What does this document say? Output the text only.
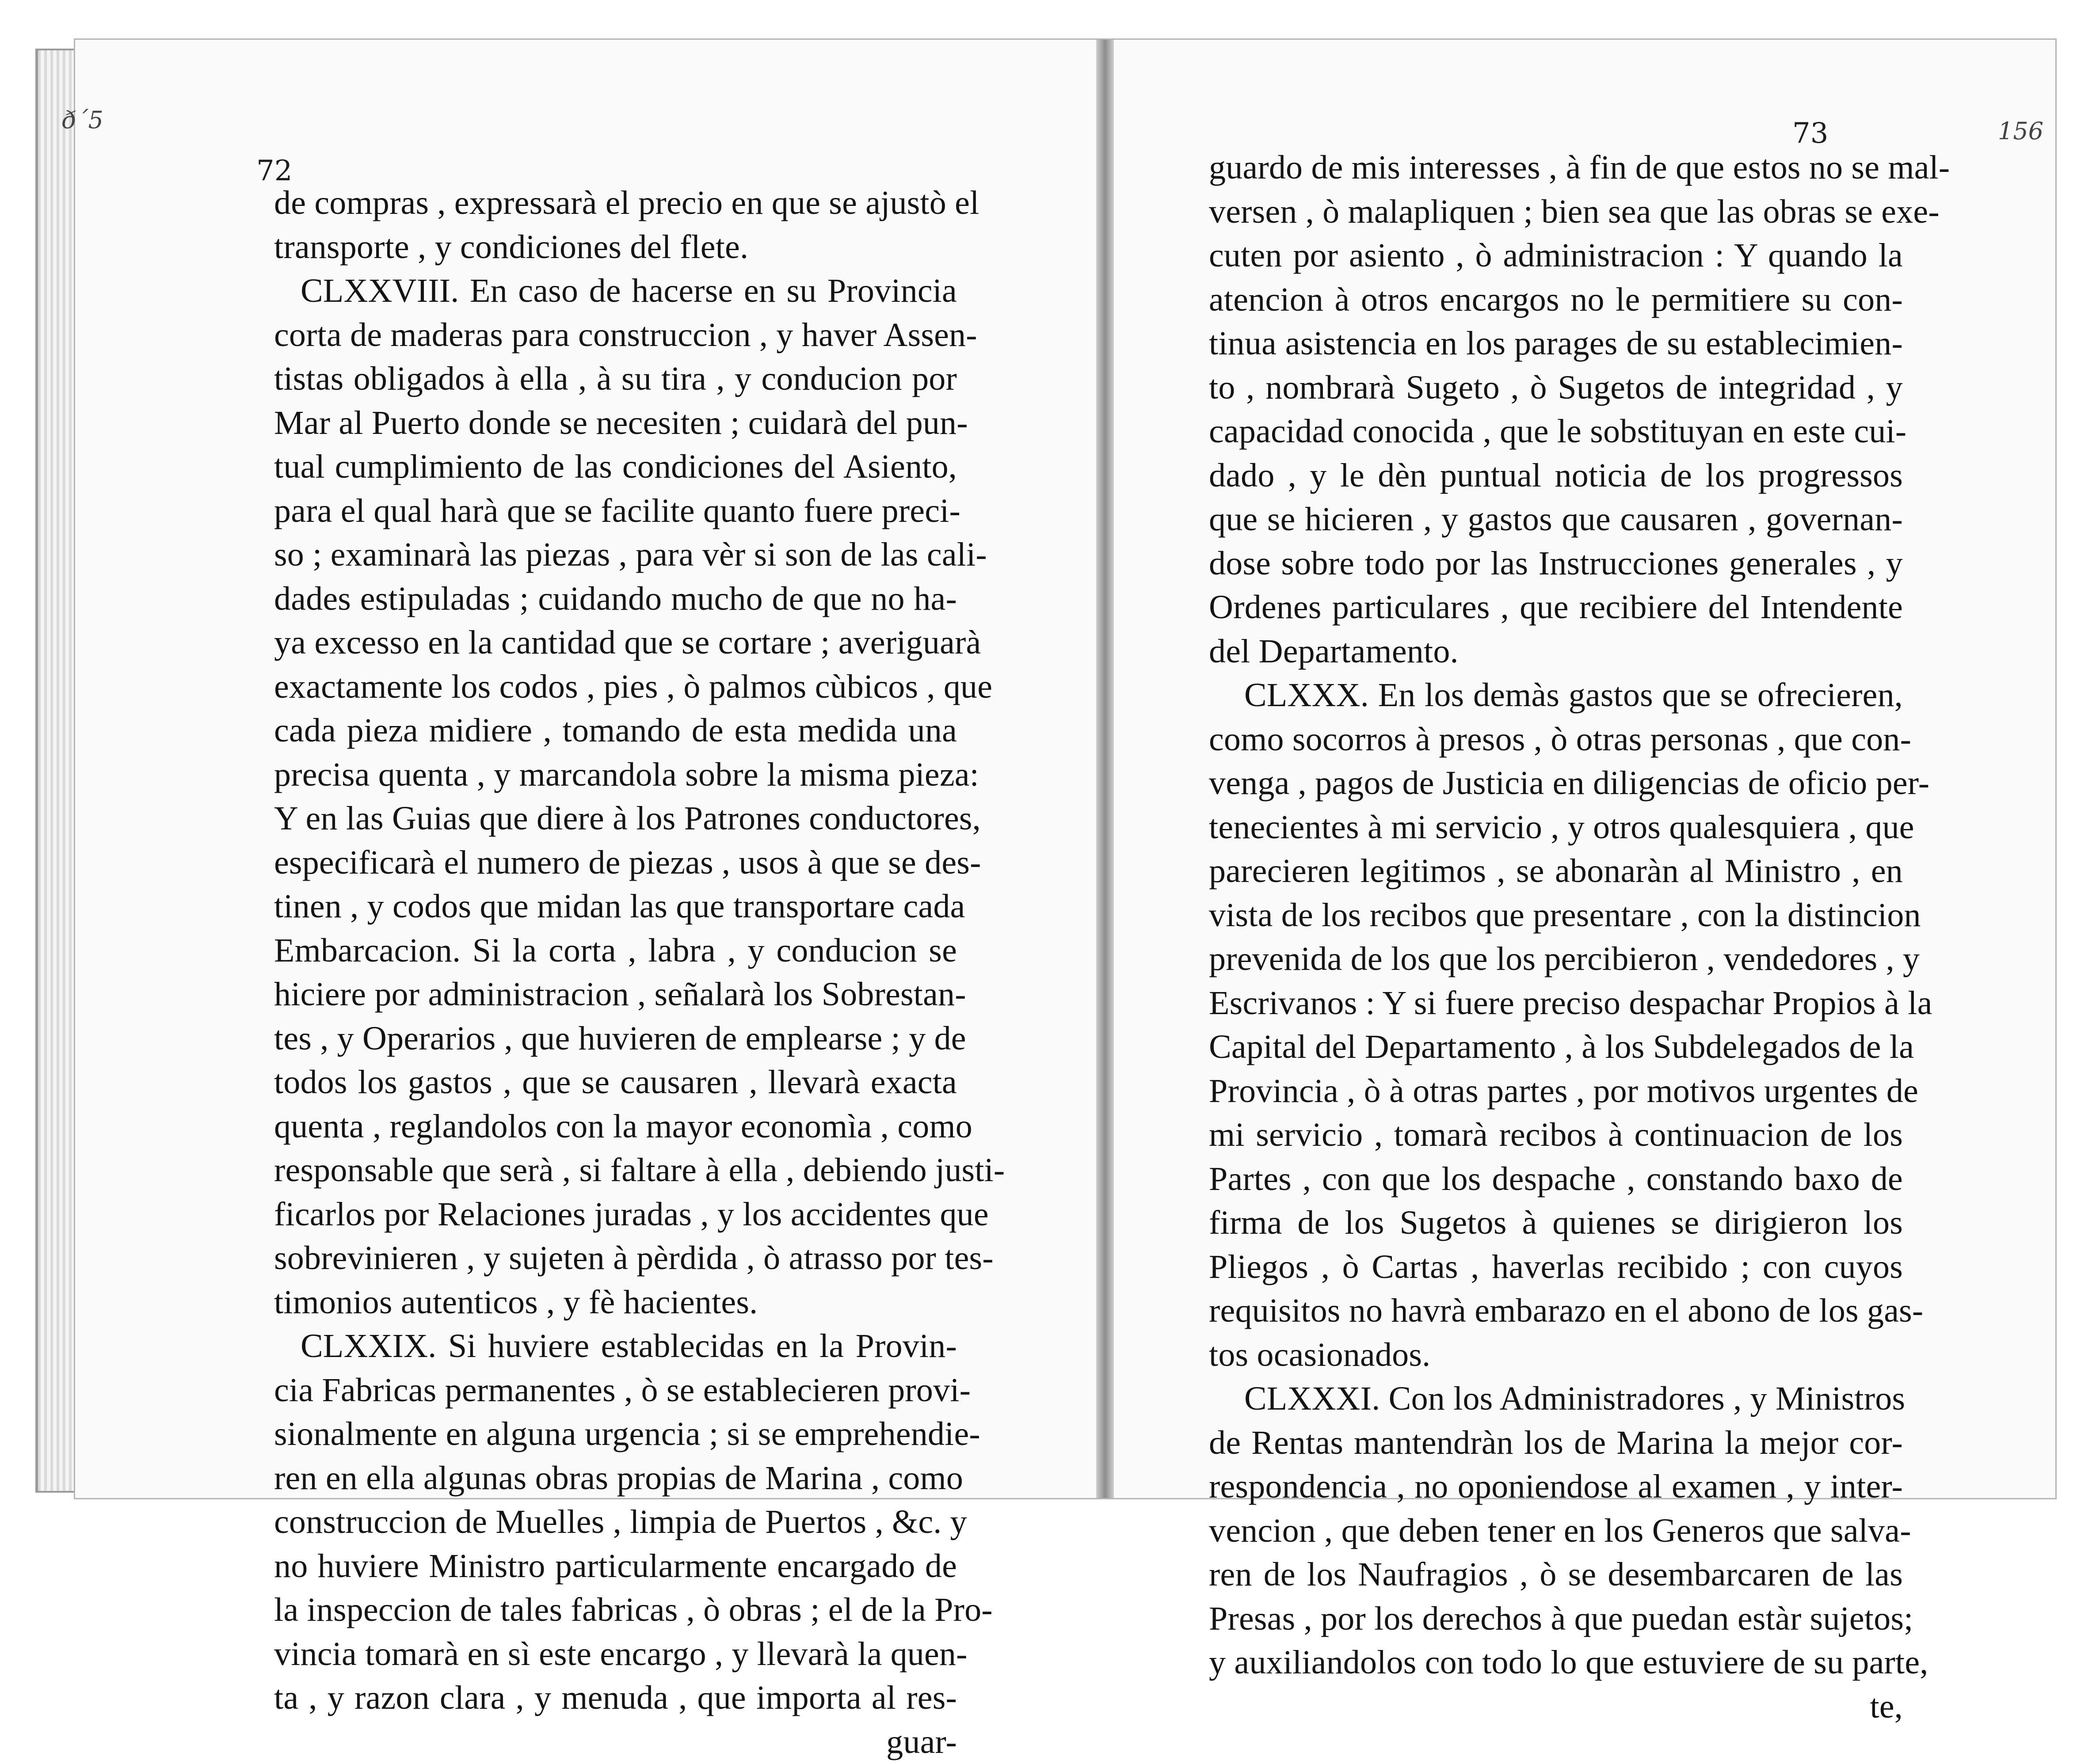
ð´5
72
156
73
de compras , expressarà el precio en que se ajustò el
transporte , y condiciones del flete.
CLXXVIII. En caso de hacerse en su Provincia
corta de maderas para construccion , y haver Assen-
tistas obligados à ella , à su tira , y conducion por
Mar al Puerto donde se necesiten ; cuidarà del pun-
tual cumplimiento de las condiciones del Asiento,
para el qual harà que se facilite quanto fuere preci-
so ; examinarà las piezas , para vèr si son de las cali-
dades estipuladas ; cuidando mucho de que no ha-
ya excesso en la cantidad que se cortare ; averiguarà
exactamente los codos , pies , ò palmos cùbicos , que
cada pieza midiere , tomando de esta medida una
precisa quenta , y marcandola sobre la misma pieza:
Y en las Guias que diere à los Patrones conductores,
especificarà el numero de piezas , usos à que se des-
tinen , y codos que midan las que transportare cada
Embarcacion. Si la corta , labra , y conducion se
hiciere por administracion , señalarà los Sobrestan-
tes , y Operarios , que huvieren de emplearse ; y de
todos los gastos , que se causaren , llevarà exacta
quenta , reglandolos con la mayor economìa , como
responsable que serà , si faltare à ella , debiendo justi-
ficarlos por Relaciones juradas , y los accidentes que
sobrevinieren , y sujeten à pèrdida , ò atrasso por tes-
timonios autenticos , y fè hacientes.
CLXXIX. Si huviere establecidas en la Provin-
cia Fabricas permanentes , ò se establecieren provi-
sionalmente en alguna urgencia ; si se emprehendie-
ren en ella algunas obras propias de Marina , como
construccion de Muelles , limpia de Puertos , &c. y
no huviere Ministro particularmente encargado de
la inspeccion de tales fabricas , ò obras ; el de la Pro-
vincia tomarà en sì este encargo , y llevarà la quen-
ta , y razon clara , y menuda , que importa al res-
guar-
guardo de mis interesses , à fin de que estos no se mal-
versen , ò malapliquen ; bien sea que las obras se exe-
cuten por asiento , ò administracion : Y quando la
atencion à otros encargos no le permitiere su con-
tinua asistencia en los parages de su establecimien-
to , nombrarà Sugeto , ò Sugetos de integridad , y
capacidad conocida , que le sobstituyan en este cui-
dado , y le dèn puntual noticia de los progressos
que se hicieren , y gastos que causaren , governan-
dose sobre todo por las Instrucciones generales , y
Ordenes particulares , que recibiere del Intendente
del Departamento.
CLXXX. En los demàs gastos que se ofrecieren,
como socorros à presos , ò otras personas , que con-
venga , pagos de Justicia en diligencias de oficio per-
tenecientes à mi servicio , y otros qualesquiera , que
parecieren legitimos , se abonaràn al Ministro , en
vista de los recibos que presentare , con la distincion
prevenida de los que los percibieron , vendedores , y
Escrivanos : Y si fuere preciso despachar Propios à la
Capital del Departamento , à los Subdelegados de la
Provincia , ò à otras partes , por motivos urgentes de
mi servicio , tomarà recibos à continuacion de los
Partes , con que los despache , constando baxo de
firma de los Sugetos à quienes se dirigieron los
Pliegos , ò Cartas , haverlas recibido ; con cuyos
requisitos no havrà embarazo en el abono de los gas-
tos ocasionados.
CLXXXI. Con los Administradores , y Ministros
de Rentas mantendràn los de Marina la mejor cor-
respondencia , no oponiendose al examen , y inter-
vencion , que deben tener en los Generos que salva-
ren de los Naufragios , ò se desembarcaren de las
Presas , por los derechos à que puedan estàr sujetos;
y auxiliandolos con todo lo que estuviere de su parte,
te,
